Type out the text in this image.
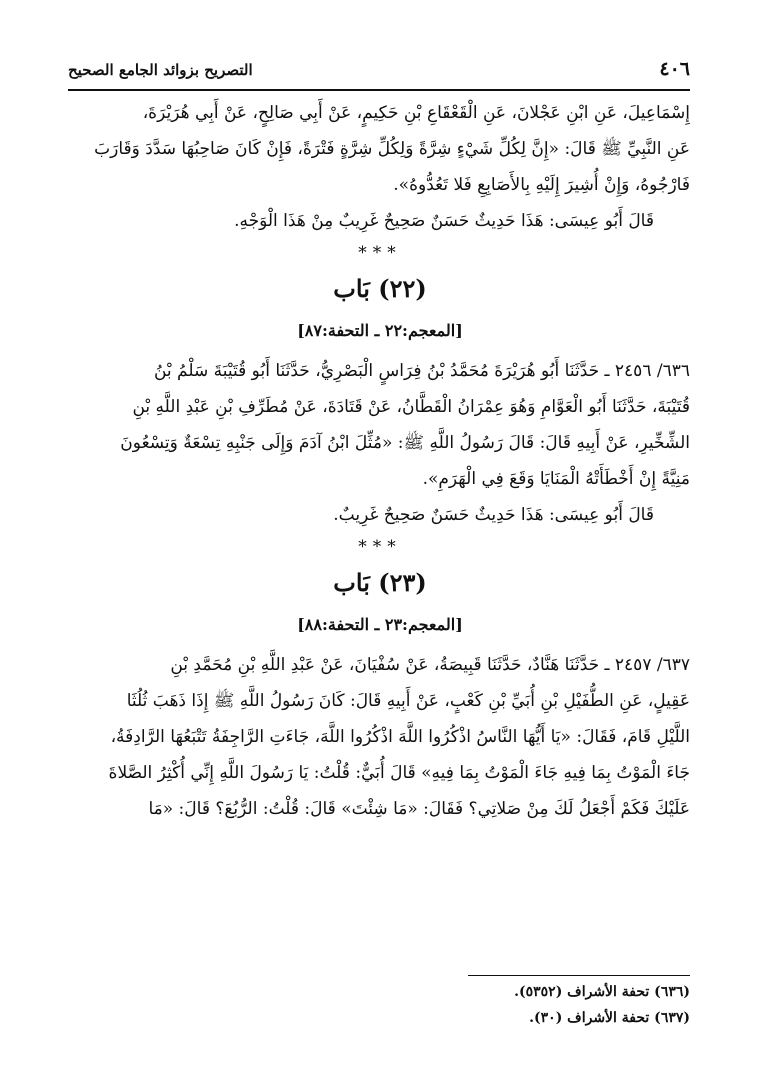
٤٠٦
التصريح بزوائد الجامع الصحيح

إِسْمَاعِيلَ، عَنِ ابْنِ عَجْلانَ، عَنِ الْقَعْقَاعِ بْنِ حَكِيمٍ، عَنْ أَبِي صَالِحٍ، عَنْ أَبِي هُرَيْرَةَ،

عَنِ النَّبِيِّ ﷺ قَالَ: «إِنَّ لِكُلِّ شَيْءٍ شِرَّةً وَلِكُلِّ شِرَّةٍ فَتْرَةً، فَإِنْ كَانَ صَاحِبُهَا سَدَّدَ وَقَارَبَ

فَارْجُوهُ، وَإِنْ أُشِيرَ إِلَيْهِ بِالأَصَابِعِ فَلا تَعُدُّوهُ».

قَالَ أَبُو عِيسَى: هَذَا حَدِيثٌ حَسَنٌ صَحِيحٌ غَرِيبٌ مِنْ هَذَا الْوَجْهِ.

***
(٢٢) بَاب
[المعجم:٢٢ ـ التحفة:٨٧]

٦٣٦/ ٢٤٥٦ ـ حَدَّثَنَا أَبُو هُرَيْرَةَ مُحَمَّدُ بْنُ فِرَاسٍ الْبَصْرِيُّ، حَدَّثَنَا أَبُو قُتَيْبَةَ سَلْمُ بْنُ

قُتَيْبَةَ، حَدَّثَنَا أَبُو الْعَوَّامِ وَهُوَ عِمْرَانُ الْقَطَّانُ، عَنْ قَتَادَةَ، عَنْ مُطَرِّفِ بْنِ عَبْدِ اللَّهِ بْنِ

الشِّخِّيرِ، عَنْ أَبِيهِ قَالَ: قَالَ رَسُولُ اللَّهِ ﷺ: «مُثِّلَ ابْنُ آدَمَ وَإِلَى جَنْبِهِ تِسْعَةٌ وَتِسْعُونَ

مَنِيَّةً إِنْ أَخْطَأَتْهُ الْمَنَايَا وَقَعَ فِي الْهَرَمِ».

قَالَ أَبُو عِيسَى: هَذَا حَدِيثٌ حَسَنٌ صَحِيحٌ غَرِيبٌ.

***
(٢٣) بَاب
[المعجم:٢٣ ـ التحفة:٨٨]

٦٣٧/ ٢٤٥٧ ـ حَدَّثَنَا هَنَّادٌ، حَدَّثَنَا قَبِيصَةُ، عَنْ سُفْيَانَ، عَنْ عَبْدِ اللَّهِ بْنِ مُحَمَّدِ بْنِ

عَقِيلٍ، عَنِ الطُّفَيْلِ بْنِ أُبَيِّ بْنِ كَعْبٍ، عَنْ أَبِيهِ قَالَ: كَانَ رَسُولُ اللَّهِ ﷺ إِذَا ذَهَبَ ثُلُثَا

اللَّيْلِ قَامَ، فَقَالَ: «يَا أَيُّهَا النَّاسُ اذْكُرُوا اللَّهَ اذْكُرُوا اللَّهَ، جَاءَتِ الرَّاجِفَةُ تَتْبَعُهَا الرَّادِفَةُ،

جَاءَ الْمَوْتُ بِمَا فِيهِ جَاءَ الْمَوْتُ بِمَا فِيهِ» قَالَ أُبَيٌّ: قُلْتُ: يَا رَسُولَ اللَّهِ إِنِّي أُكْثِرُ الصَّلاةَ

عَلَيْكَ فَكَمْ أَجْعَلُ لَكَ مِنْ صَلاتِي؟ فَقَالَ: «مَا شِئْتَ» قَالَ: قُلْتُ: الرُّبُعَ؟ قَالَ: «مَا

(٦٣٦) تحفة الأشراف (٥٣٥٢).

(٦٣٧) تحفة الأشراف (٣٠).
